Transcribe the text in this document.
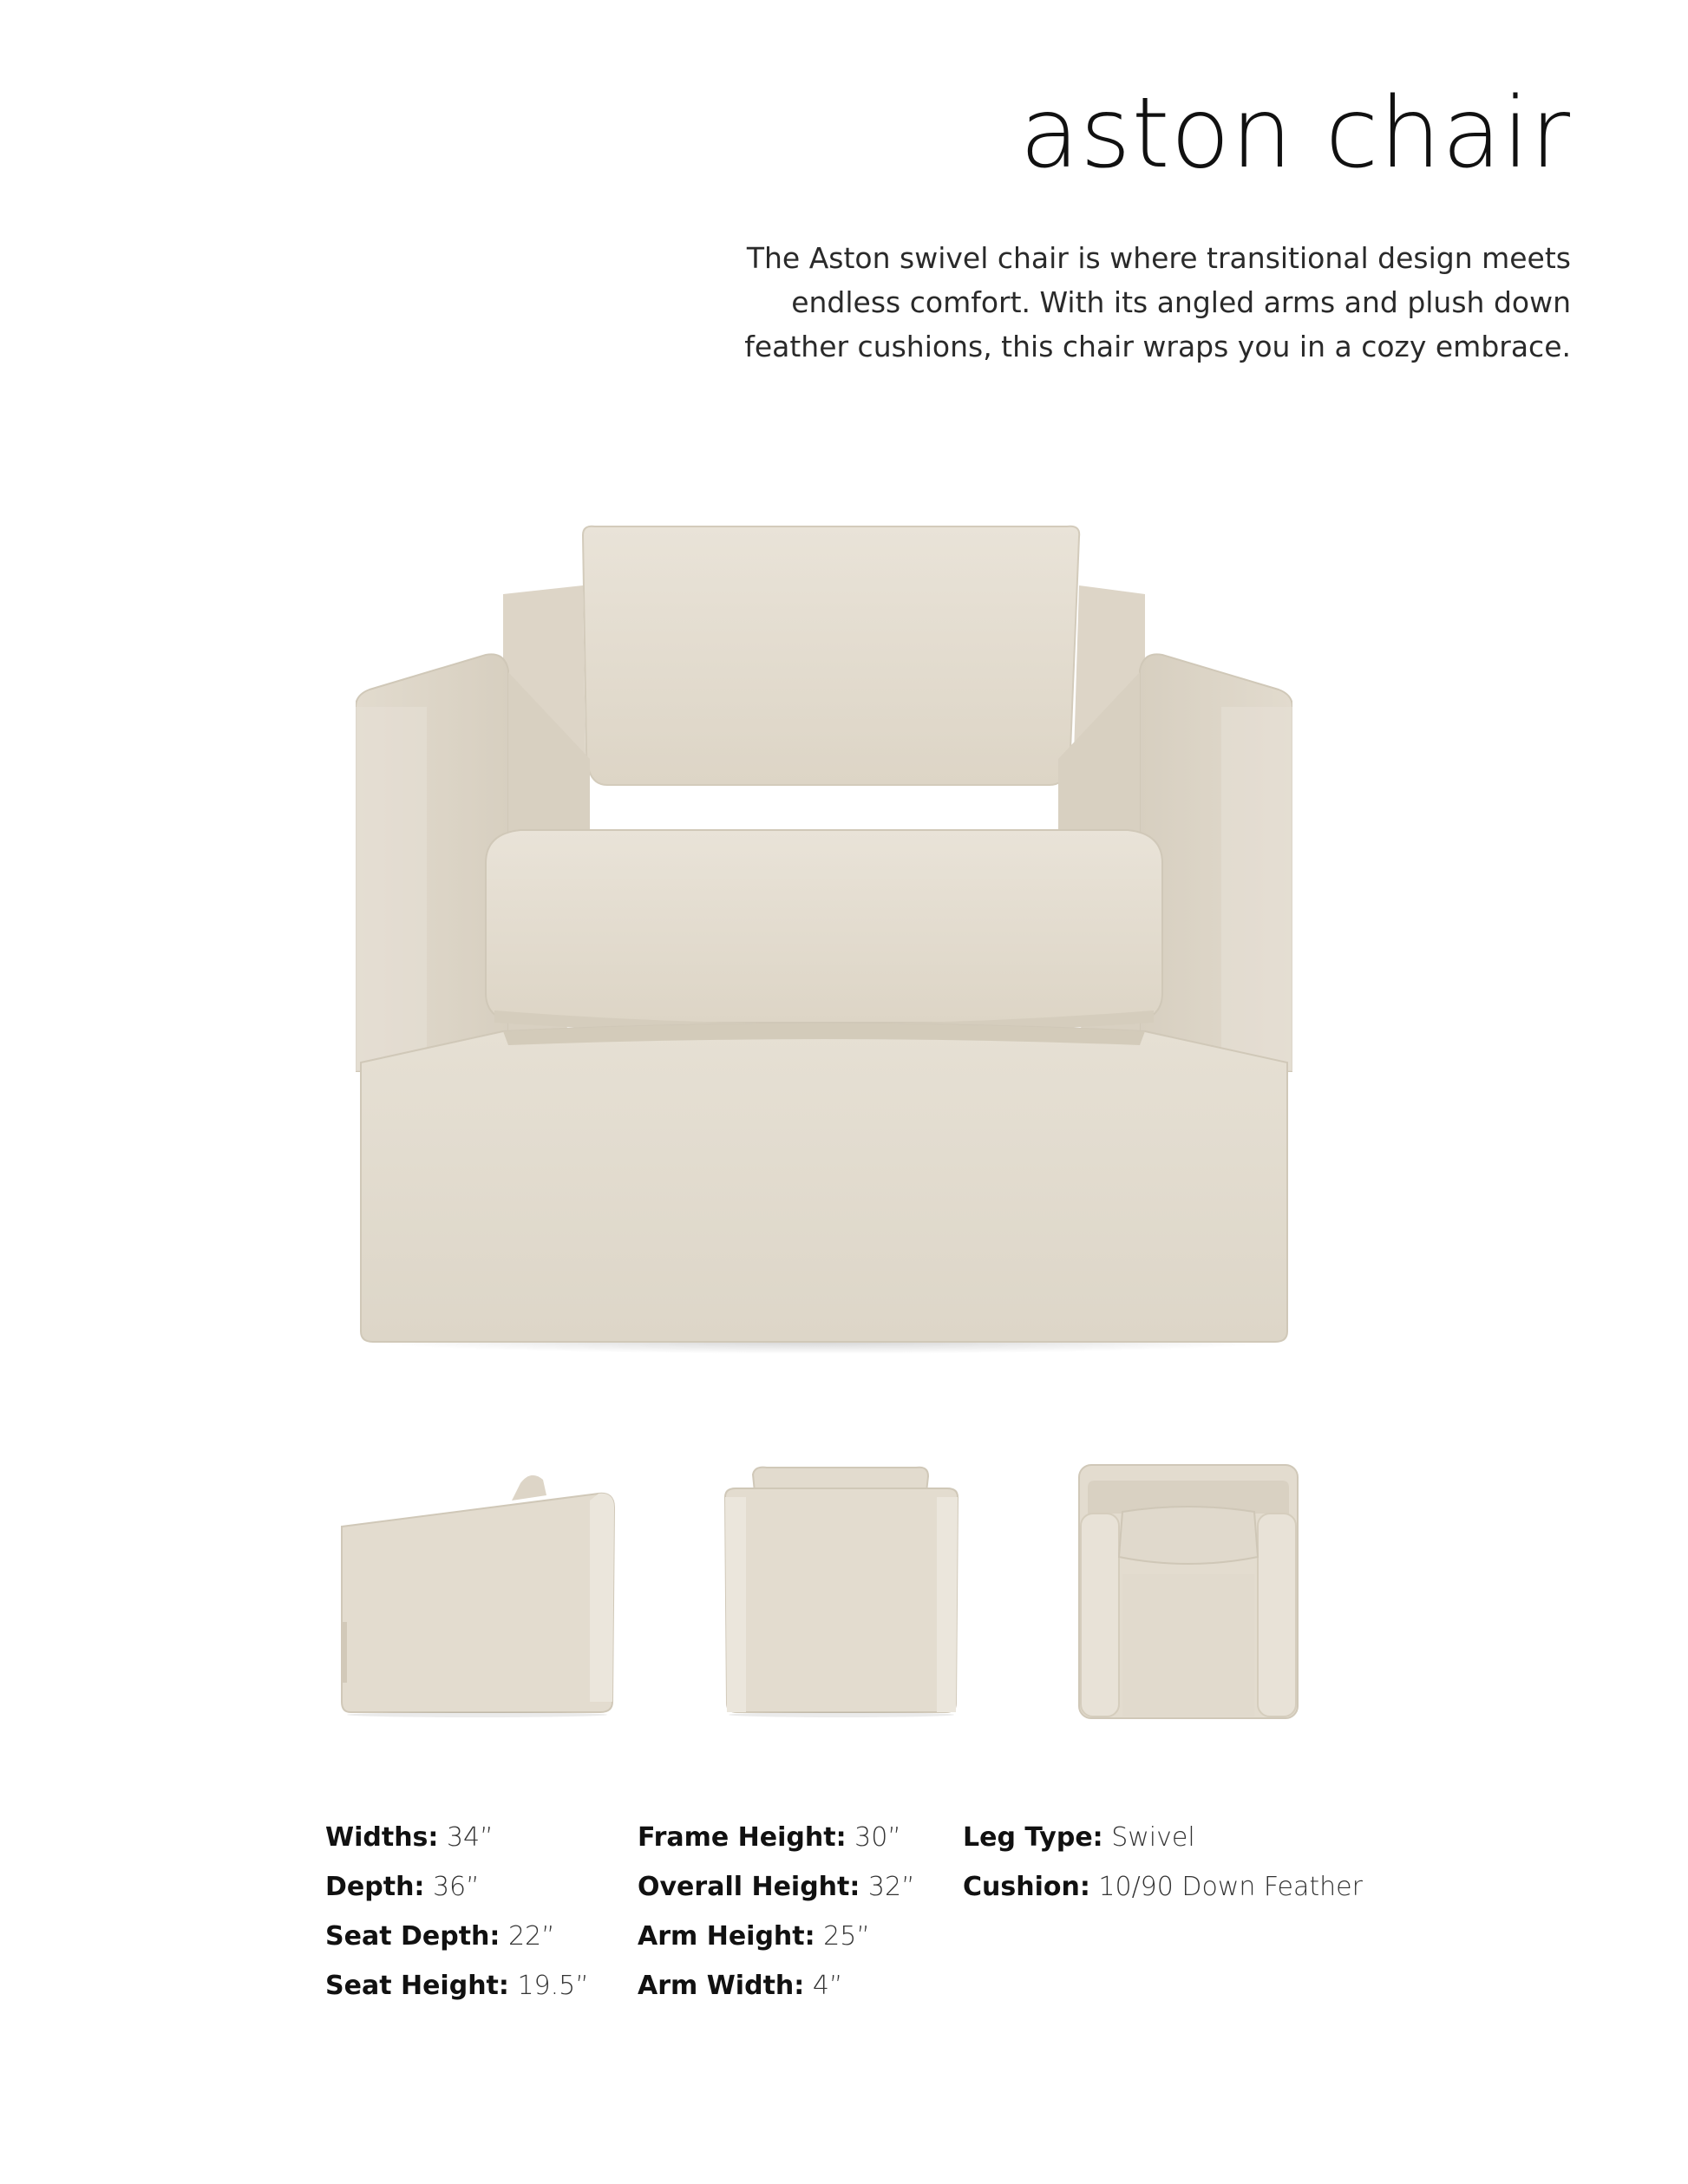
aston chair

The Aston swivel chair is where transitional design meets
endless comfort. With its angled arms and plush down
feather cushions, this chair wraps you in a cozy embrace.

Widths: 34”
Depth: 36”
Seat Depth: 22”
Seat Height: 19.5”
Frame Height: 30”
Overall Height: 32”
Arm Height: 25”
Arm Width: 4”
Leg Type: Swivel
Cushion: 10/90 Down Feather
